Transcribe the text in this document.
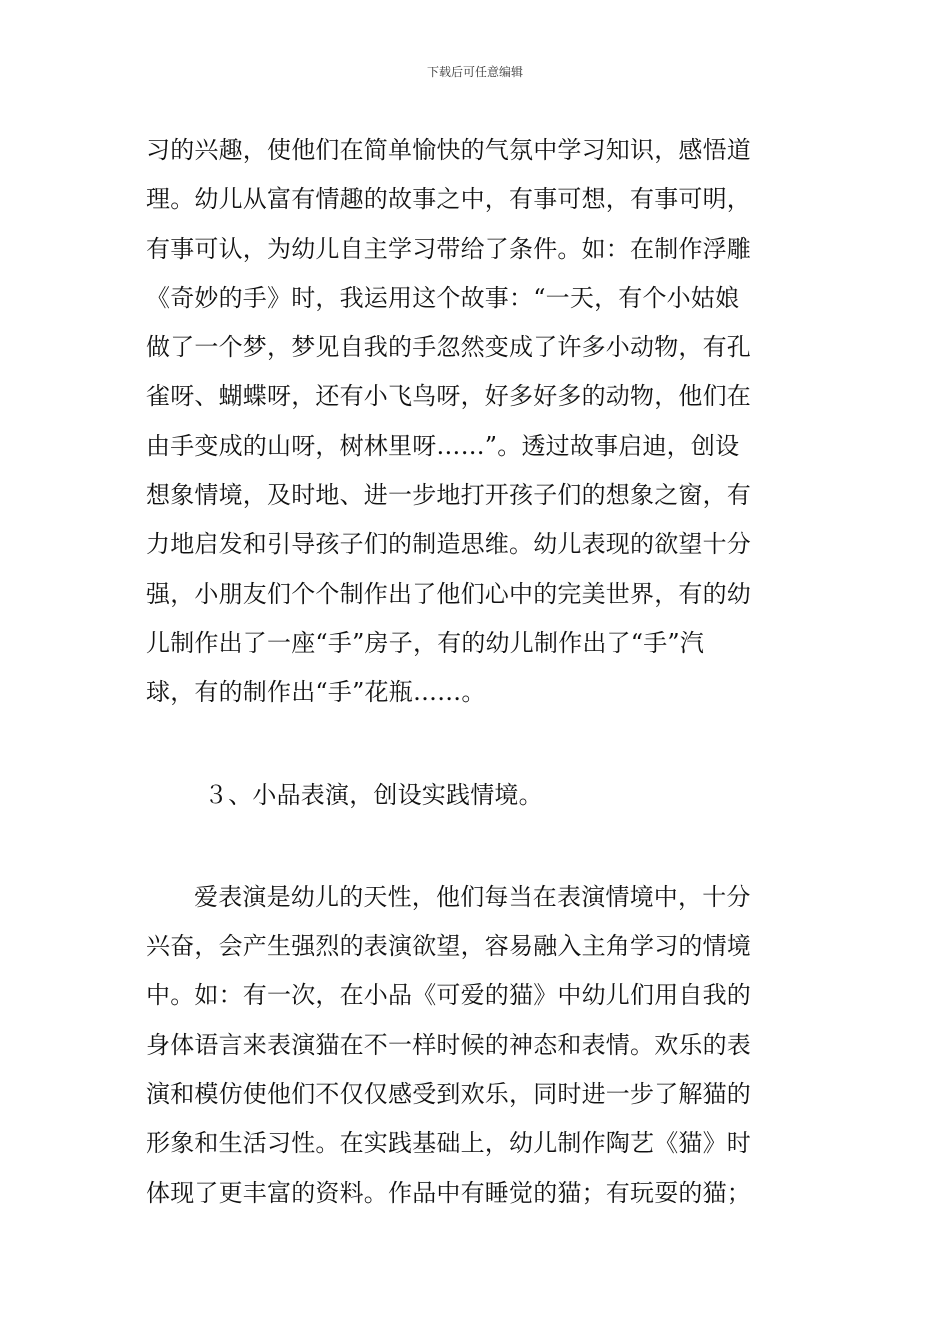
下载后可任意编辑
习的兴趣，使他们在简单愉快的气氛中学习知识，感悟道
理。幼儿从富有情趣的故事之中，有事可想，有事可明，
有事可认，为幼儿自主学习带给了条件。如：在制作浮雕
《奇妙的手》时，我运用这个故事：“一天，有个小姑娘
做了一个梦，梦见自我的手忽然变成了许多小动物，有孔
雀呀、蝴蝶呀，还有小飞鸟呀，好多好多的动物，他们在
由手变成的山呀，树林里呀……”。透过故事启迪，创设
想象情境，及时地、进一步地打开孩子们的想象之窗，有
力地启发和引导孩子们的制造思维。幼儿表现的欲望十分
强，小朋友们个个制作出了他们心中的完美世界，有的幼
儿制作出了一座“手”房子，有的幼儿制作出了“手”汽
球，有的制作出“手”花瓶……。
３、小品表演，创设实践情境。
爱表演是幼儿的天性，他们每当在表演情境中，十分
兴奋，会产生强烈的表演欲望，容易融入主角学习的情境
中。如：有一次，在小品《可爱的猫》中幼儿们用自我的
身体语言来表演猫在不一样时候的神态和表情。欢乐的表
演和模仿使他们不仅仅感受到欢乐，同时进一步了解猫的
形象和生活习性。在实践基础上，幼儿制作陶艺《猫》时
体现了更丰富的资料。作品中有睡觉的猫；有玩耍的猫；
